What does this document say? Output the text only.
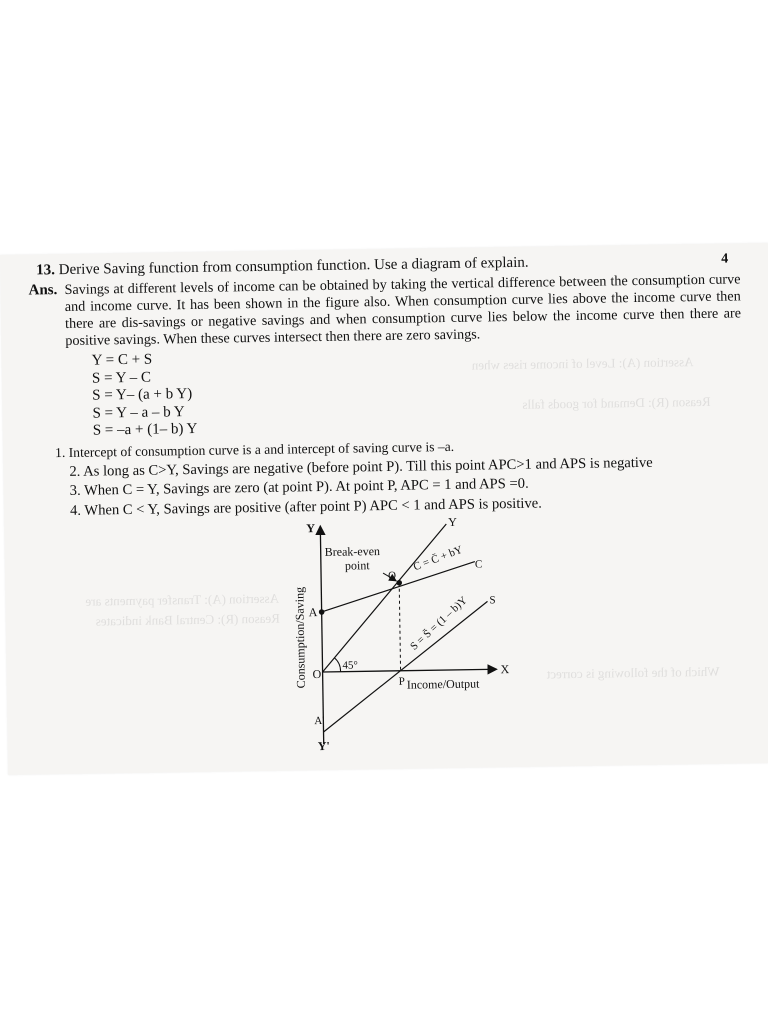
Assertion (A): Level of income rises when
Reason (R): Demand for goods falls
Assertion (A): Transfer payments are
Reason (R): Central Bank indicates
Which of the following is correct
13. Derive Saving function from consumption function. Use a diagram of explain.	4
Ans. Savings at different levels of income can be obtained by taking the vertical difference between the consumption curve and income curve. It has been shown in the figure also. When consumption curve lies above the income curve then there are dis-savings or negative savings and when consumption curve lies below the income curve then there are positive savings. When these curves intersect then there are zero savings.
Y = C + S
S = Y – C
S = Y– (a + b Y)
S = Y – a – b Y
S = –a + (1– b) Y
1. Intercept of consumption curve is a and intercept of saving curve is –a.
2. As long as C>Y, Savings are negative (before point P). Till this point APC>1 and APS is negative
3. When C = Y, Savings are zero (at point P). At point P, APC = 1 and APS =0.
4. When C < Y, Savings are positive (after point P) APC < 1 and APS is positive.
Y
Y'
X
O
A
A'
P
Q
45°
Break-even
point
Y
C
C = C̄ + bY
S
S = S̄ = (1 – b)Y
Income/Output
Consumption/Saving
